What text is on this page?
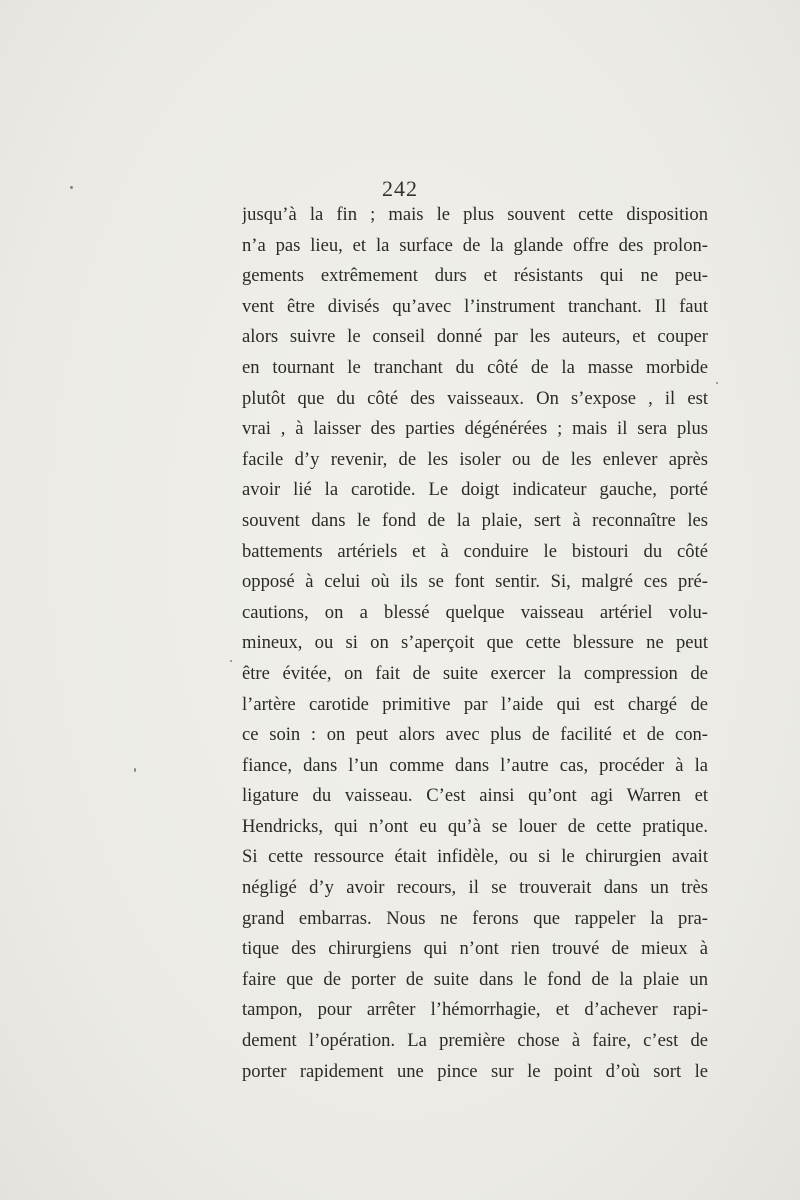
242
jusqu’à la fin ; mais le plus souvent cette disposition
n’a pas lieu, et la surface de la glande offre des prolon-
gements extrêmement durs et résistants qui ne peu-
vent être divisés qu’avec l’instrument tranchant. Il faut
alors suivre le conseil donné par les auteurs, et couper
en tournant le tranchant du côté de la masse morbide
plutôt que du côté des vaisseaux. On s’expose , il est
vrai , à laisser des parties dégénérées ; mais il sera plus
facile d’y revenir, de les isoler ou de les enlever après
avoir lié la carotide. Le doigt indicateur gauche, porté
souvent dans le fond de la plaie, sert à reconnaître les
battements artériels et à conduire le bistouri du côté
opposé à celui où ils se font sentir. Si, malgré ces pré-
cautions, on a blessé quelque vaisseau artériel volu-
mineux, ou si on s’aperçoit que cette blessure ne peut
être évitée, on fait de suite exercer la compression de
l’artère carotide primitive par l’aide qui est chargé de
ce soin : on peut alors avec plus de facilité et de con-
fiance, dans l’un comme dans l’autre cas, procéder à la
ligature du vaisseau. C’est ainsi qu’ont agi Warren et
Hendricks, qui n’ont eu qu’à se louer de cette pratique.
Si cette ressource était infidèle, ou si le chirurgien avait
négligé d’y avoir recours, il se trouverait dans un très
grand embarras. Nous ne ferons que rappeler la pra-
tique des chirurgiens qui n’ont rien trouvé de mieux à
faire que de porter de suite dans le fond de la plaie un
tampon, pour arrêter l’hémorrhagie, et d’achever rapi-
dement l’opération. La première chose à faire, c’est de
porter rapidement une pince sur le point d’où sort le
